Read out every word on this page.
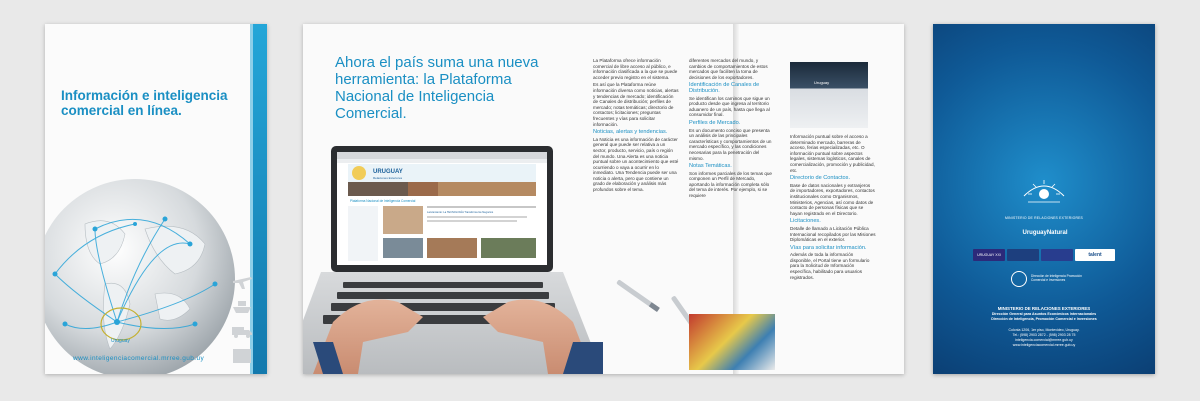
Información e inteligencia comercial en línea.
Uruguay
www.inteligenciacomercial.mrree.gub.uy
Ahora el país suma una nueva herramienta: la Plataforma Nacional de Inteligencia Comercial.
URUGUAY
Relaciones Exteriores
Plataforma Nacional de Inteligencia Comercial
Lanzamiento: La TECNOLOGÍA Transforma los Negocios

La Plataforma ofrece información comercial de libre acceso al público, e información clasificada a la que se puede acceder previo registro en el sistema.

Es así que la Plataforma reúne información diversa como noticias, alertas y tendencias de mercado; identificación de Canales de distribución; perfiles de mercado; notas temáticas; directorio de contactos; licitaciones; preguntas frecuentes y vías para solicitar información.

Noticias, alertas y tendencias.

La Noticia es una información de carácter general que puede ser relativa a un sector, producto, servicio, país o región del mundo. Una Alerta es una noticia puntual sobre un acontecimiento que esté ocurriendo o vaya a ocurrir en lo inmediato. Una Tendencia puede ser una noticia o alerta, pero que contiene un grado de elaboración y análisis más profundos sobre el tema.

diferentes mercados del mundo, y cambios de comportamientos de estos mercados que faciliten la toma de decisiones de los exportadores.

Identificación de Canales de Distribución.

Se identifican los caminos que sigue un producto desde que ingresa al territorio aduanero de un país, hasta que llega al consumidor final.

Perfiles de Mercado.

Es un documento conciso que presenta un análisis de las principales características y comportamientos de un mercado específico, y las condiciones necesarias para la penetración del mismo.

Notas Temáticas.

Son informes parciales de los temas que componen un Perfil de Mercado, aportando la información completa sólo del tema de interés. Por ejemplo, si se requiere

Uruguay

Información puntual sobre el acceso a determinado mercado, barreras de acceso, ferias especializadas, etc. O información puntual sobre aspectos legales, sistemas logísticos, canales de comercialización, promoción y publicidad, etc.

Directorio de Contactos.

Base de datos nacionales y extranjeros de importadores, exportadores, contactos institucionales como Organismos, Ministerios, Agencias, así como datos de contacto de personas físicas que se hayan registrado en el Directorio.

Licitaciones.

Detalle de llamado a Licitación Pública Internacional recopilados por las Misiones Diplomáticas en el exterior.

Vías para solicitar información.

Además de toda la información disponible, el Portal tiene un formulario para la Solicitud de Información específica, habilitado para usuarios registrados.

MINISTERIO DE RELACIONES EXTERIORES
UruguayNatural
URUGUAY XXI	talent
Dirección de Inteligencia Promoción Comercial e Inversiones
MINISTERIO DE RELACIONES EXTERIORES
Dirección General para Asuntos Económicos Internacionales
Dirección de Inteligencia, Promoción Comercial e Inversiones
Colonia 1206, 1er piso, Montevideo, Uruguay.
Tel.: (598) 2903 2872 - (598) 2903 28 75
inteligencia.comercial@mrree.gub.uy
www.inteligenciacomercial.mrree.gub.uy
